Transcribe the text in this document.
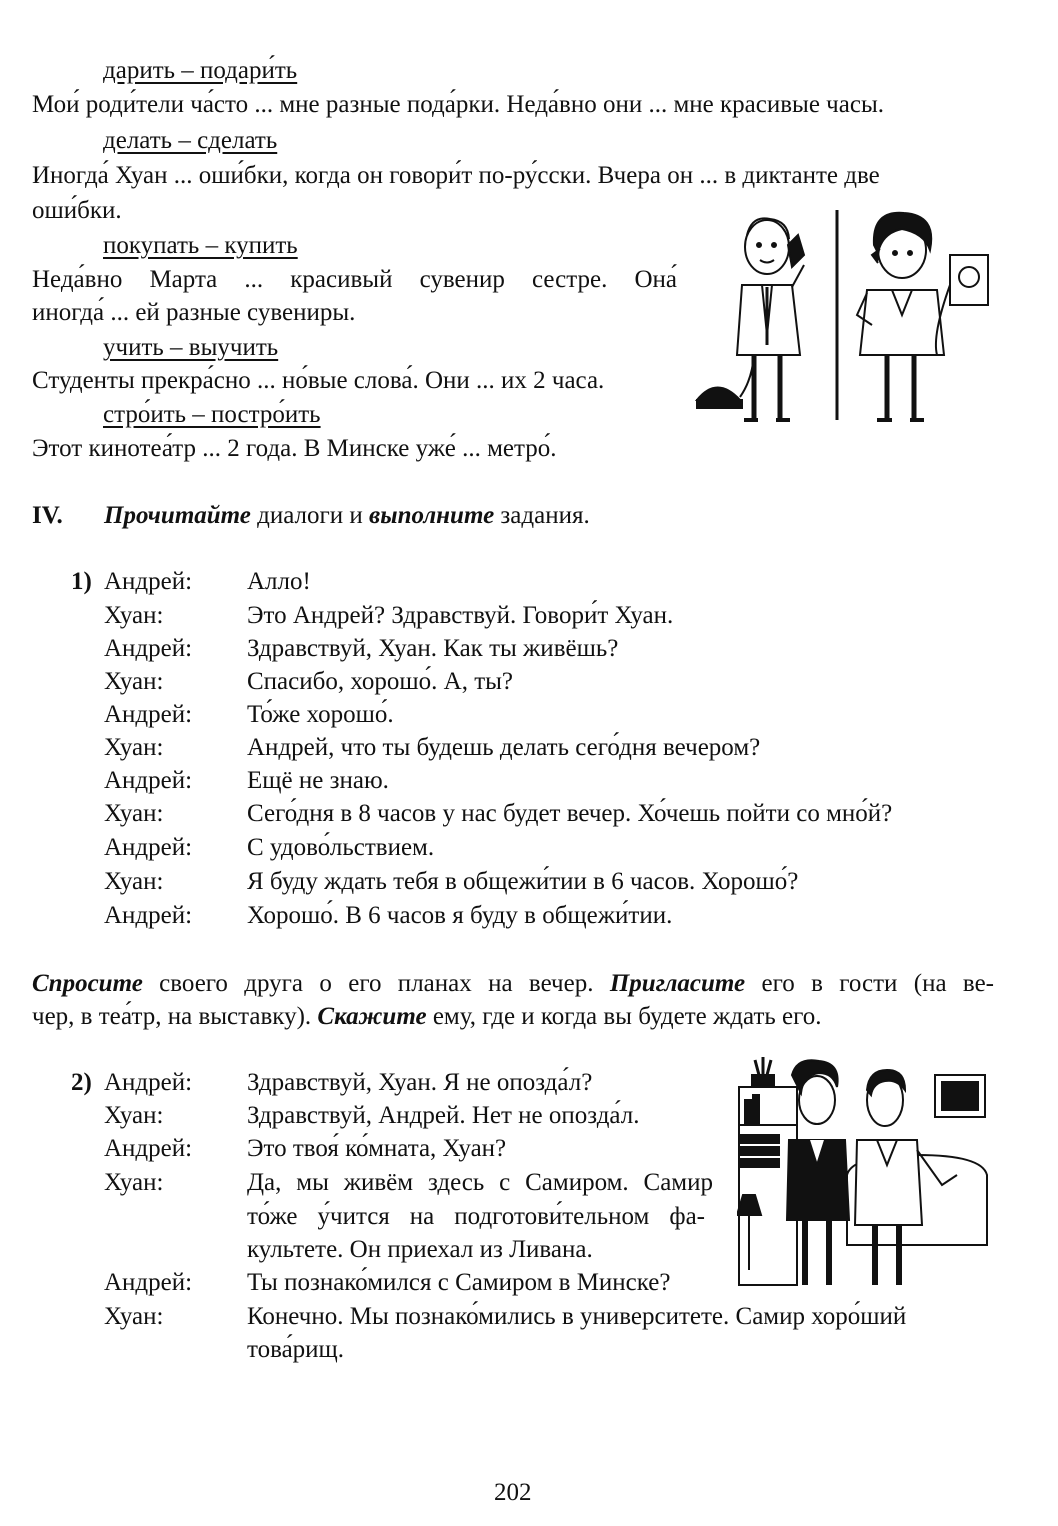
дарить – подари́ть
Мои́ роди́тели ча́сто ... мне разные пода́рки. Неда́вно они ... мне красивые часы.
делать – сделать
Иногда́ Хуан ... оши́бки, когда он говори́т по-ру́сски. Вчера он ... в диктанте две
оши́бки.
покупать – купить
Неда́вно Марта ... красивый сувенир сестре. Она́
иногда́ ... ей разные сувениры.
учить – выучить
Студенты прекра́сно ... но́вые слова́. Они ... их 2 часа.
стро́ить – постро́ить
Этот кинотеа́тр ... 2 года. В Минске уже́ ... метро́.
IV. Прочитайте диалоги и выполните задания.
1) Андрей: Алло!
Хуан:	Это Андрей? Здравствуй. Говори́т Хуан.
Андрей: Здравствуй, Хуан. Как ты живёшь?
Хуан:	Спасибо, хорошо́. А, ты?
Андрей: То́же хорошо́.
Хуан:	Андрей, что ты будешь делать сего́дня вечером?
Андрей: Ещё не знаю.
Хуан:	Сего́дня в 8 часов у нас будет вечер. Хо́чешь пойти со мно́й?
Андрей: С удово́льствием.
Хуан:	Я буду ждать тебя в общежи́тии в 6 часов. Хорошо́?
Андрей: Хорошо́. В 6 часов я буду в общежи́тии.
Спросите своего друга о его планах на вечер. Пригласите его в гости (на ве-
чер, в теа́тр, на выставку). Скажите ему, где и когда вы будете ждать его.
2) Андрей: Здравствуй, Хуан. Я не опозда́л?
Хуан:	Здравствуй, Андрей. Нет не опозда́л.
Андрей: Это твоя́ ко́мната, Хуан?
Хуан:	Да, мы живём здесь с Самиром. Самир
то́же у́чится на подготови́тельном фа-
культете. Он приехал из Ливана.
Андрей: Ты познако́мился с Самиром в Минске?
Хуан:	Конечно. Мы познако́мились в университете. Самир хоро́ший
това́рищ.
202
